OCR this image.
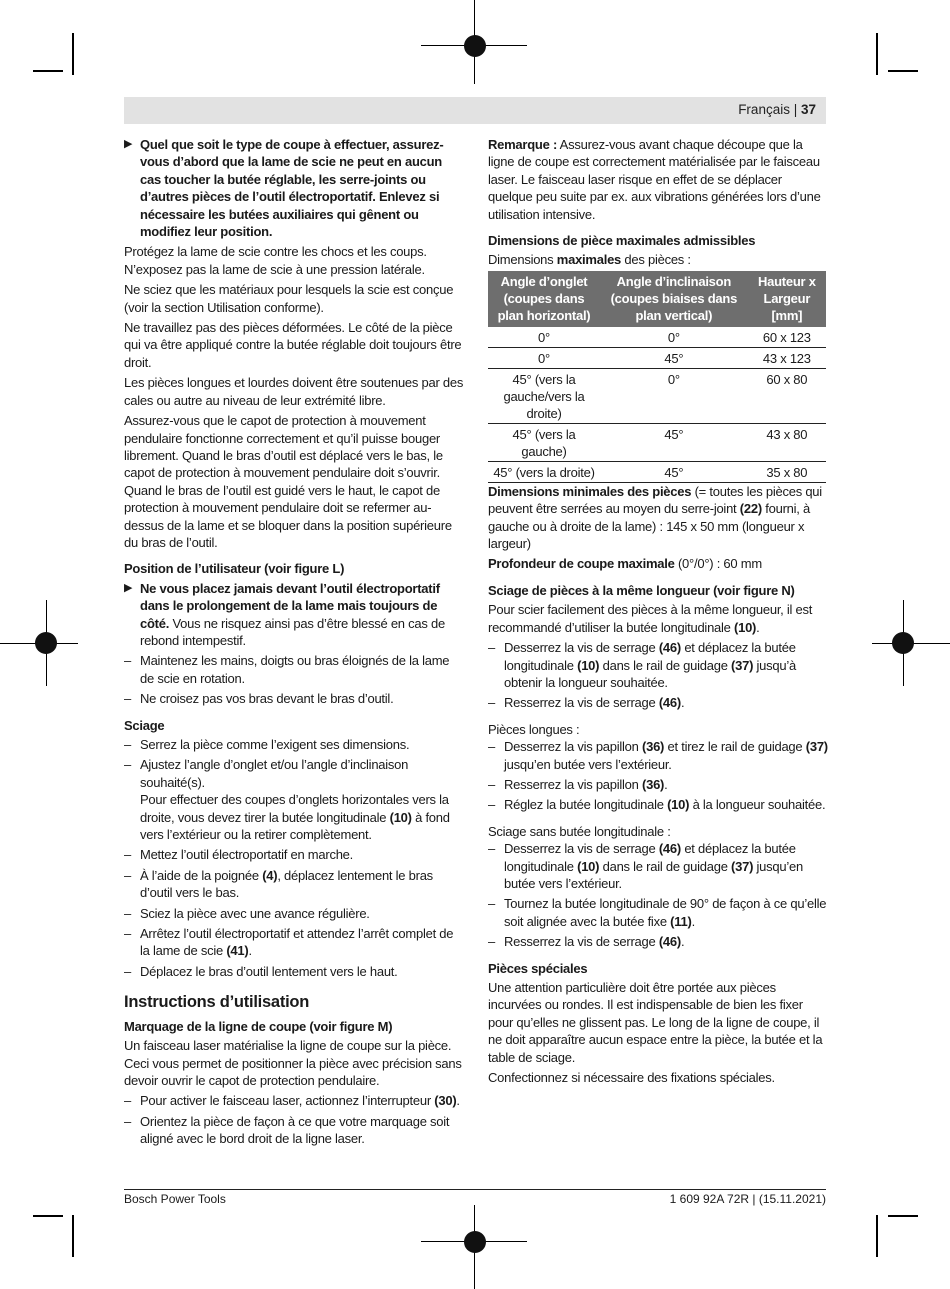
Français | 37
▶ Quel que soit le type de coupe à effectuer, assurez-vous d’abord que la lame de scie ne peut en aucun cas toucher la butée réglable, les serre-joints ou d’autres pièces de l’outil électroportatif. Enlevez si nécessaire les butées auxiliaires qui gênent ou modifiez leur position.

Protégez la lame de scie contre les chocs et les coups. N’exposez pas la lame de scie à une pression latérale.

Ne sciez que les matériaux pour lesquels la scie est conçue (voir la section Utilisation conforme).

Ne travaillez pas des pièces déformées. Le côté de la pièce qui va être appliqué contre la butée réglable doit toujours être droit.

Les pièces longues et lourdes doivent être soutenues par des cales ou autre au niveau de leur extrémité libre.

Assurez-vous que le capot de protection à mouvement pendulaire fonctionne correctement et qu’il puisse bouger librement. Quand le bras d’outil est déplacé vers le bas, le capot de protection à mouvement pendulaire doit s’ouvrir. Quand le bras de l’outil est guidé vers le haut, le capot de protection à mouvement pendulaire doit se refermer au-dessus de la lame et se bloquer dans la position supérieure du bras de l’outil.

Position de l’utilisateur (voir figure L)
▶ Ne vous placez jamais devant l’outil électroportatif dans le prolongement de la lame mais toujours de côté. Vous ne risquez ainsi pas d’être blessé en cas de rebond intempestif.
– Maintenez les mains, doigts ou bras éloignés de la lame de scie en rotation.
– Ne croisez pas vos bras devant le bras d’outil.
Sciage
– Serrez la pièce comme l’exigent ses dimensions.
– Ajustez l’angle d’onglet et/ou l’angle d’inclinaison souhaité(s).
Pour effectuer des coupes d’onglets horizontales vers la droite, vous devez tirer la butée longitudinale (10) à fond vers l’extérieur ou la retirer complètement.
– Mettez l’outil électroportatif en marche.
– À l’aide de la poignée (4), déplacez lentement le bras d’outil vers le bas.
– Sciez la pièce avec une avance régulière.
– Arrêtez l’outil électroportatif et attendez l’arrêt complet de la lame de scie (41).
– Déplacez le bras d’outil lentement vers le haut.
Instructions d’utilisation
Marquage de la ligne de coupe (voir figure M)

Un faisceau laser matérialise la ligne de coupe sur la pièce. Ceci vous permet de positionner la pièce avec précision sans devoir ouvrir le capot de protection pendulaire.

– Pour activer le faisceau laser, actionnez l’interrupteur (30).
– Orientez la pièce de façon à ce que votre marquage soit aligné avec le bord droit de la ligne laser.

Remarque : Assurez-vous avant chaque découpe que la ligne de coupe est correctement matérialisée par le faisceau laser. Le faisceau laser risque en effet de se déplacer quelque peu suite par ex. aux vibrations générées lors d’une utilisation intensive.

Dimensions de pièce maximales admissibles

Dimensions maximales des pièces :

Angle d’onglet (coupes dans plan horizontal)	Angle d’inclinaison (coupes biaises dans plan vertical)	Hauteur x Largeur [mm]
0°	0°	60 x 123
0°	45°	43 x 123
45° (vers la gauche/vers la droite)	0°	60 x 80
45° (vers la gauche)	45°	43 x 80
45° (vers la droite)	45°	35 x 80

Dimensions minimales des pièces (= toutes les pièces qui peuvent être serrées au moyen du serre-joint (22) fourni, à gauche ou à droite de la lame) : 145 x 50 mm (longueur x largeur)

Profondeur de coupe maximale (0°/0°) : 60 mm

Sciage de pièces à la même longueur (voir figure N)

Pour scier facilement des pièces à la même longueur, il est recommandé d’utiliser la butée longitudinale (10).

– Desserrez la vis de serrage (46) et déplacez la butée longitudinale (10) dans le rail de guidage (37) jusqu’à obtenir la longueur souhaitée.
– Resserrez la vis de serrage (46).

Pièces longues :

– Desserrez la vis papillon (36) et tirez le rail de guidage (37) jusqu’en butée vers l’extérieur.
– Resserrez la vis papillon (36).
– Réglez la butée longitudinale (10) à la longueur souhaitée.

Sciage sans butée longitudinale :

– Desserrez la vis de serrage (46) et déplacez la butée longitudinale (10) dans le rail de guidage (37) jusqu’en butée vers l’extérieur.
– Tournez la butée longitudinale de 90° de façon à ce qu’elle soit alignée avec la butée fixe (11).
– Resserrez la vis de serrage (46).
Pièces spéciales

Une attention particulière doit être portée aux pièces incurvées ou rondes. Il est indispensable de bien les fixer pour qu’elles ne glissent pas. Le long de la ligne de coupe, il ne doit apparaître aucun espace entre la pièce, la butée et la table de sciage.

Confectionnez si nécessaire des fixations spéciales.

Bosch Power Tools	1 609 92A 72R | (15.11.2021)
